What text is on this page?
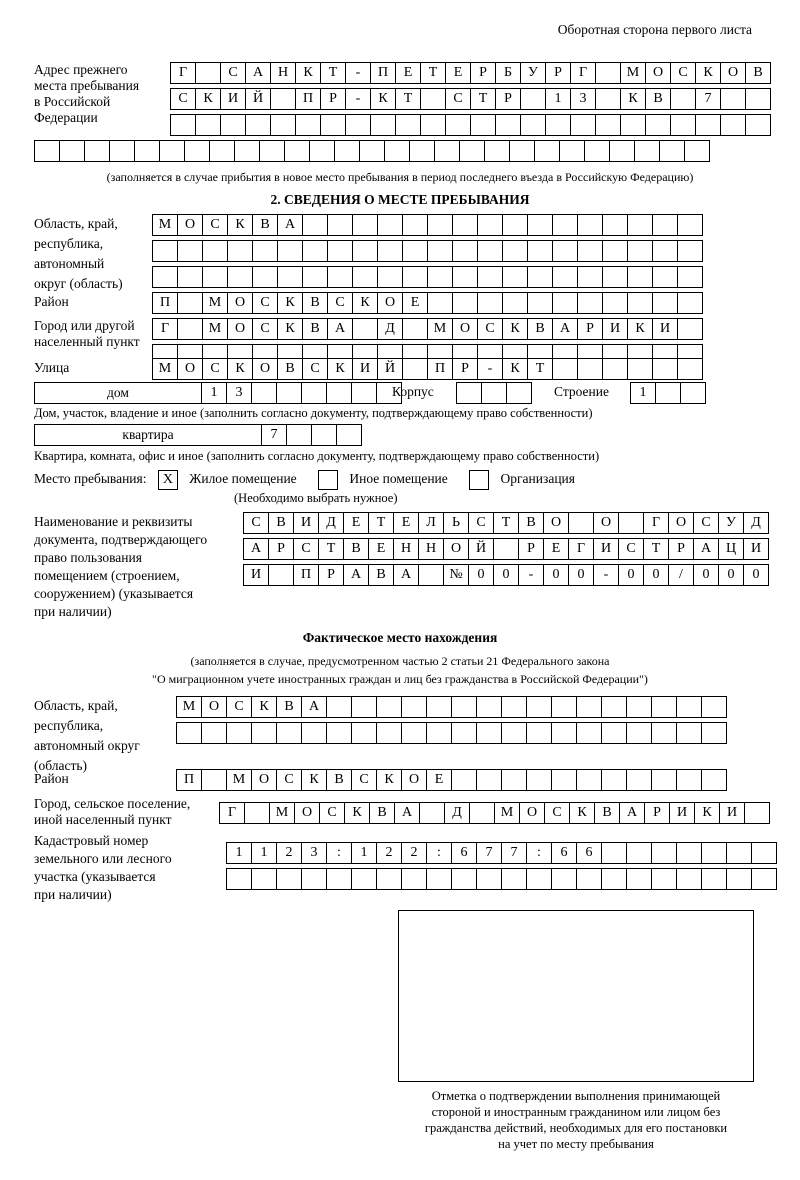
Оборотная сторона первого листа
Адрес прежнего
места пребывания
в Российской
Федерации
Г	С	А	Н	К	Т	-	П	Е	Т	Е	Р	Б	У	Р	Г	М О	С	К	О	В
С	К	И	Й	П	Р	-	К	Т	С	Т	Р	1	3	К	В	7
(заполняется в случае прибытия в новое место пребывания в период последнего въезда в Российскую Федерацию)
2. СВЕДЕНИЯ О МЕСТЕ ПРЕБЫВАНИЯ
Область, край,
республика,
автономный
округ (область)
М О	С	К	В	А
Район	П	М О	С	К	В	С	К	О	Е
Город или другой
населенный пункт
Г	М О	С	К	В	А	Д	М О	С	К	В	А	Р	И	К	И
Улица	М О	С	К	О	В	С	К	И	Й	П	Р	-	К	Т
дом	1	3	Корпус	Строение	1
Дом, участок, владение и иное (заполнить согласно документу, подтверждающему право собственности)
квартира	7
Квартира, комната, офис и иное (заполнить согласно документу, подтверждающему право собственности)
Место пребывания: X Жилое помещение	Иное помещение	Организация
(Необходимо выбрать нужное)
Наименование и реквизиты
документа, подтверждающего
право пользования
помещением (строением,
сооружением) (указывается
при наличии)
С	В	И	Д	Е	Т	Е	Л	Ь	С	Т	В	О	О	Г	О	С	У	Д
А	Р	С	Т	В	Е	Н	Н	О	Й	Р	Е	Г	И	С	Т	Р	А	Ц	И
И	П	Р	А	В	А	№	0	0	-	0	0	-	0	0	/	0	0	0
Фактическое место нахождения
(заполняется в случае, предусмотренном частью 2 статьи 21 Федерального закона
"О миграционном учете иностранных граждан и лиц без гражданства в Российской Федерации")
Область, край,
республика,
автономный округ
(область)
М О	С	К	В	А
Район	П	М О	С	К	В	С	К	О	Е
Город, сельское поселение,
иной населенный пункт	Г	М О	С	К	В	А	Д	М О	С	К	В	А	Р	И	К	И
Кадастровый номер
земельного или лесного
участка (указывается
при наличии)
1	1	2	3	:	1	2	2	:	6	7	7	:	6	6
Отметка о подтверждении выполнения принимающей
стороной и иностранным гражданином или лицом без
гражданства действий, необходимых для его постановки
на учет по месту пребывания
